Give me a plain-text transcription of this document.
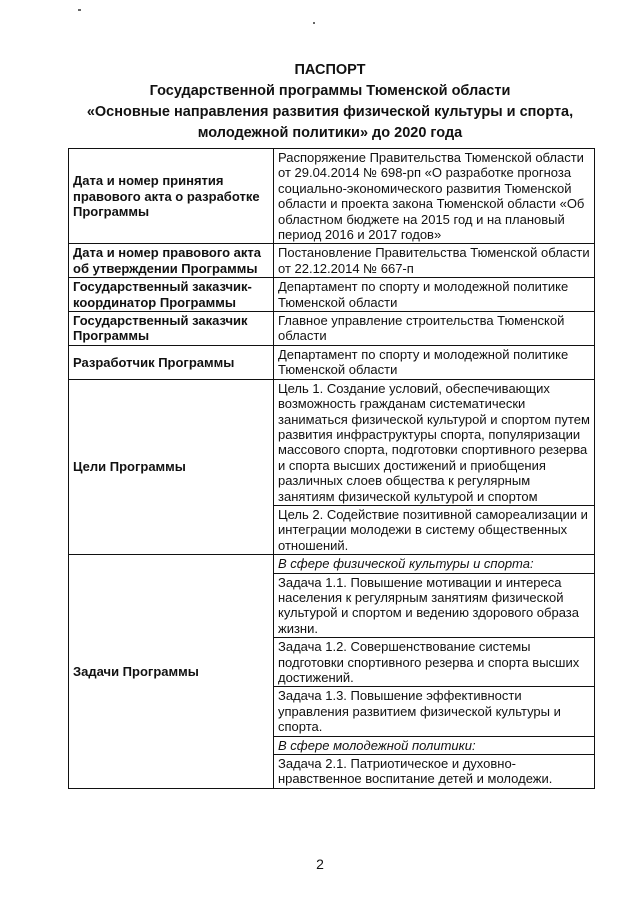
ПАСПОРТ
Государственной программы Тюменской области
«Основные направления развития физической культуры и спорта,
молодежной политики» до 2020 года
Дата и номер принятия правового акта о разработке Программы	Распоряжение Правительства Тюменской области от 29.04.2014 № 698-рп «О разработке прогноза социально-экономического развития Тюменской области и проекта закона Тюменской области «Об областном бюджете на 2015 год и на плановый период 2016 и 2017 годов»
Дата и номер правового акта об утверждении Программы	Постановление Правительства Тюменской области от 22.12.2014 № 667-п
Государственный заказчик-координатор Программы	Департамент по спорту и молодежной политике Тюменской области
Государственный заказчик Программы	Главное управление строительства Тюменской области
Разработчик Программы	Департамент по спорту и молодежной политике Тюменской области
Цели Программы	Цель 1. Создание условий, обеспечивающих возможность гражданам систематически заниматься физической культурой и спортом путем развития инфраструктуры спорта, популяризации массового спорта, подготовки спортивного резерва и спорта высших достижений и приобщения различных слоев общества к регулярным занятиям физической культурой и спортом
	Цель 2. Содействие позитивной самореализации и интеграции молодежи в систему общественных отношений.
Задачи Программы	В сфере физической культуры и спорта:
	Задача 1.1. Повышение мотивации и интереса населения к регулярным занятиям физической культурой и спортом и ведению здорового образа жизни.
	Задача 1.2. Совершенствование системы подготовки спортивного резерва и спорта высших достижений.
	Задача 1.3. Повышение эффективности управления развитием физической культуры и спорта.
	В сфере молодежной политики:
	Задача 2.1. Патриотическое и духовно-нравственное воспитание детей и молодежи.
2
